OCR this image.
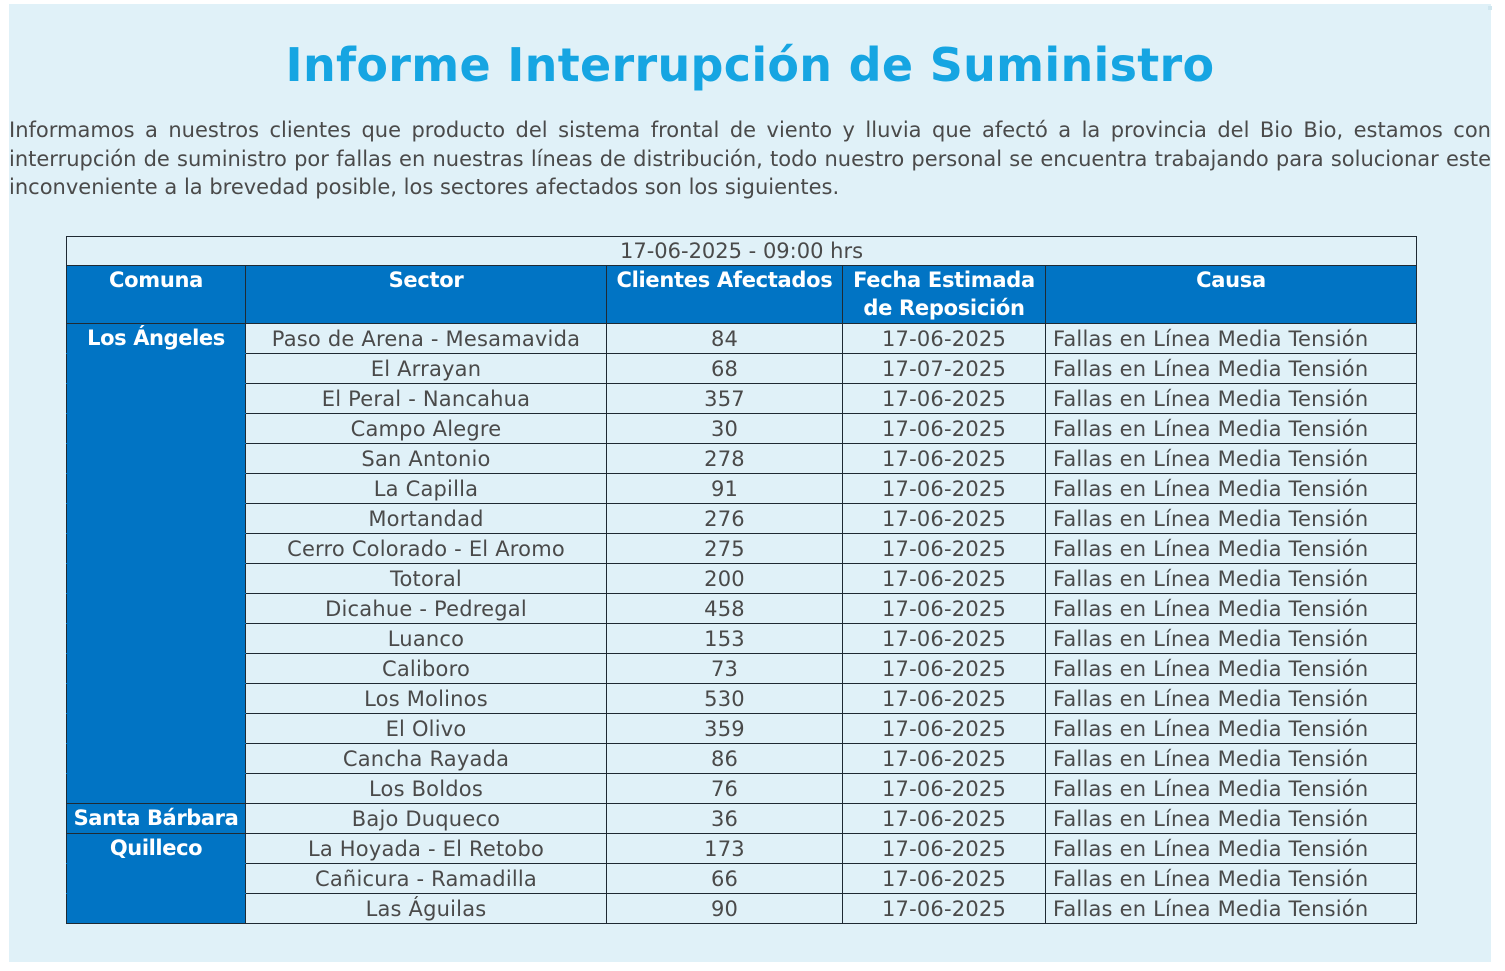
Informe Interrupción de Suministro

Informamos a nuestros clientes que producto del sistema frontal de viento y lluvia que afectó a la provincia del Bio Bio, estamos con interrupción de suministro por fallas en nuestras líneas de distribución, todo nuestro personal se encuentra trabajando para solucionar este inconveniente a la brevedad posible, los sectores afectados son los siguientes.

17-06-2025 - 09:00 hrs				
Comuna	Sector	Clientes Afectados	Fecha Estimada de Reposición	Causa
Los Ángeles	Paso de Arena - Mesamavida	84	17-06-2025	Fallas en Línea Media Tensión
	El Arrayan	68	17-07-2025	Fallas en Línea Media Tensión
	El Peral - Nancahua	357	17-06-2025	Fallas en Línea Media Tensión
	Campo Alegre	30	17-06-2025	Fallas en Línea Media Tensión
	San Antonio	278	17-06-2025	Fallas en Línea Media Tensión
	La Capilla	91	17-06-2025	Fallas en Línea Media Tensión
	Mortandad	276	17-06-2025	Fallas en Línea Media Tensión
	Cerro Colorado - El Aromo	275	17-06-2025	Fallas en Línea Media Tensión
	Totoral	200	17-06-2025	Fallas en Línea Media Tensión
	Dicahue - Pedregal	458	17-06-2025	Fallas en Línea Media Tensión
	Luanco	153	17-06-2025	Fallas en Línea Media Tensión
	Caliboro	73	17-06-2025	Fallas en Línea Media Tensión
	Los Molinos	530	17-06-2025	Fallas en Línea Media Tensión
	El Olivo	359	17-06-2025	Fallas en Línea Media Tensión
	Cancha Rayada	86	17-06-2025	Fallas en Línea Media Tensión
	Los Boldos	76	17-06-2025	Fallas en Línea Media Tensión
Santa Bárbara	Bajo Duqueco	36	17-06-2025	Fallas en Línea Media Tensión
Quilleco	La Hoyada - El Retobo	173	17-06-2025	Fallas en Línea Media Tensión
	Cañicura - Ramadilla	66	17-06-2025	Fallas en Línea Media Tensión
	Las Águilas	90	17-06-2025	Fallas en Línea Media Tensión
